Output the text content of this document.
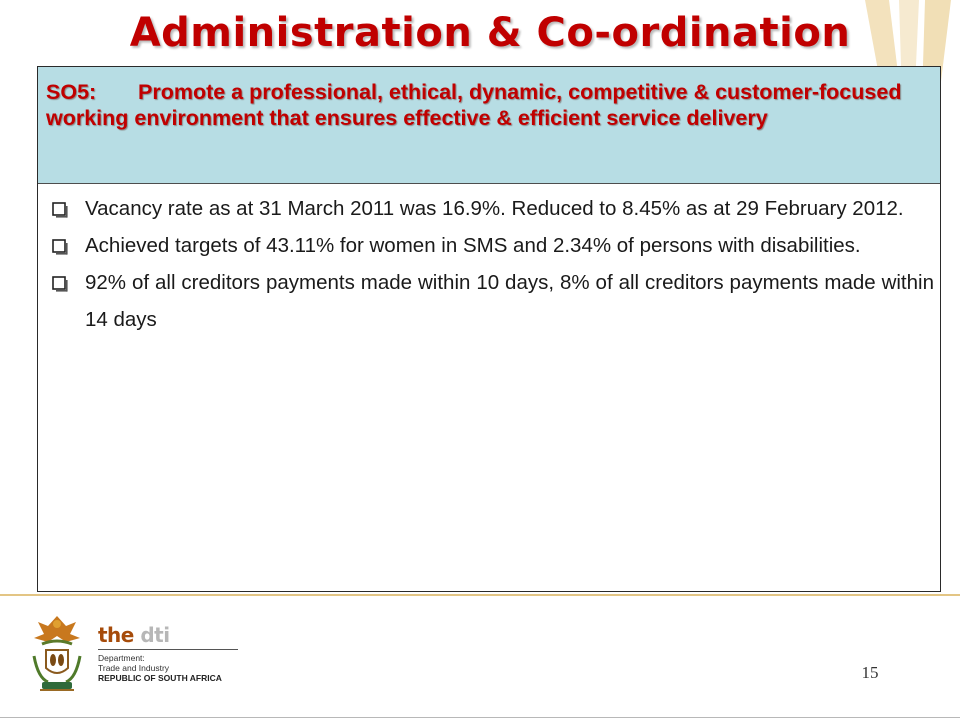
Administration & Co-ordination
SO5: Promote a professional, ethical, dynamic, competitive & customer-focused working environment that ensures effective & efficient service delivery
Vacancy rate as at 31 March 2011 was 16.9%. Reduced to 8.45% as at 29 February 2012.
Achieved targets of 43.11% for women in SMS and 2.34% of persons with disabilities.
92% of all creditors payments made within 10 days, 8% of all creditors payments made within 14 days
the dti
Department:
Trade and Industry
REPUBLIC OF SOUTH AFRICA	15
